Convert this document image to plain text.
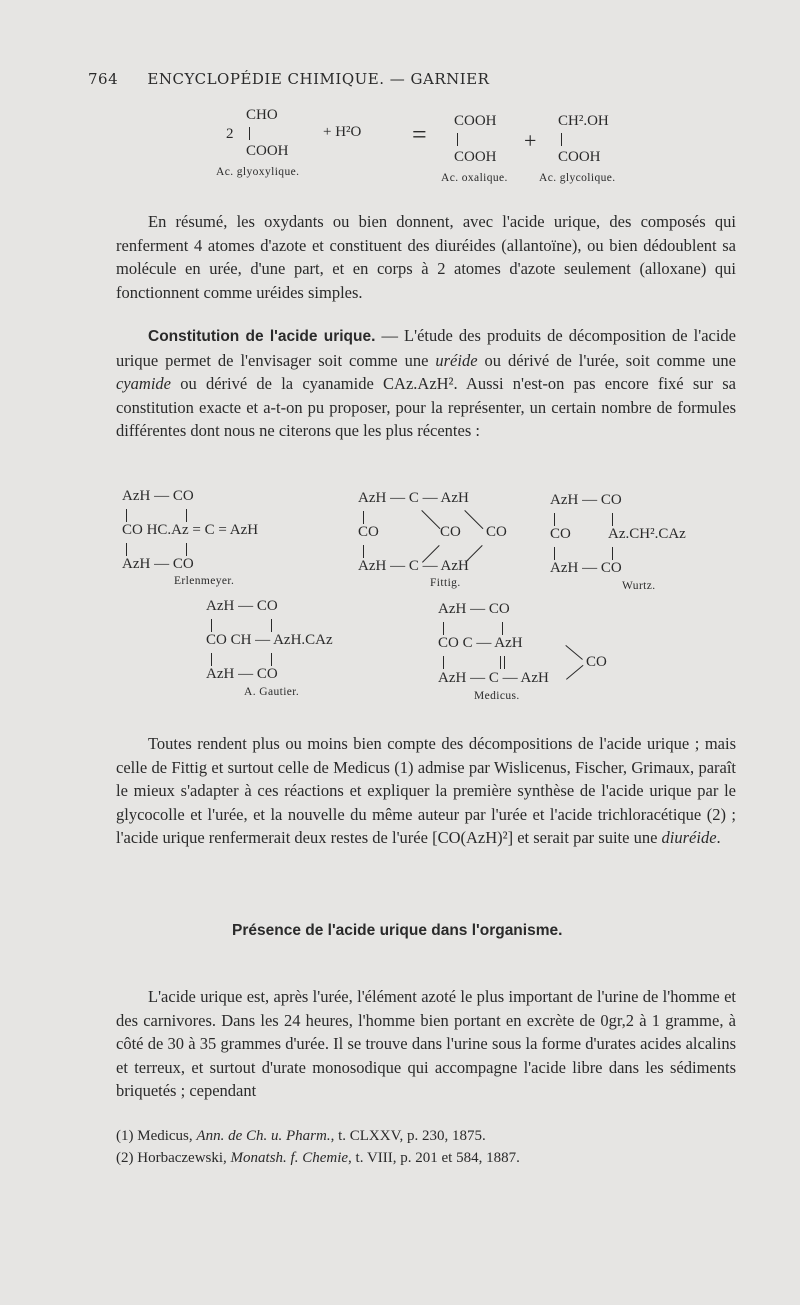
764 ENCYCLOPÉDIE CHIMIQUE. — GARNIER
2
CHO
COOH
+ H²O = COOH
COOH
+
CH².OH
COOH
Ac. glyoxylique.	Ac. oxalique.	Ac. glycolique.

En résumé, les oxydants ou bien donnent, avec l'acide urique, des composés qui renferment 4 atomes d'azote et constituent des diuréides (allantoïne), ou bien dédoublent sa molécule en urée, d'une part, et en corps à 2 atomes d'azote seulement (alloxane) qui fonctionnent comme uréides simples.

Constitution de l'acide urique. — L'étude des produits de décomposition de l'acide urique permet de l'envisager soit comme une uréide ou dérivé de l'urée, soit comme une cyamide ou dérivé de la cyanamide CAz.AzH². Aussi n'est-on pas encore fixé sur sa constitution exacte et a-t-on pu proposer, pour la représenter, un certain nombre de formules différentes dont nous ne citerons que les plus récentes :

AzH — CO
CO HC.Az = C = AzH
AzH — CO
Erlenmeyer.
AzH — C — AzH
CO	CO CO
AzH — C — AzH
Fittig.
AzH — CO
CO Az.CH².CAz
AzH — CO
Wurtz.
AzH — CO
CO CH — AzH.CAz
AzH — CO
A. Gautier.
AzH — CO
CO C — AzH
AzH — C — AzH
CO
Medicus.

Toutes rendent plus ou moins bien compte des décompositions de l'acide urique ; mais celle de Fittig et surtout celle de Medicus (1) admise par Wislicenus, Fischer, Grimaux, paraît le mieux s'adapter à ces réactions et expliquer la première synthèse de l'acide urique par le glycocolle et l'urée, et la nouvelle du même auteur par l'urée et l'acide trichloracétique (2) ; l'acide urique renfermerait deux restes de l'urée [CO(AzH)²] et serait par suite une diuréide.

Présence de l'acide urique dans l'organisme.

L'acide urique est, après l'urée, l'élément azoté le plus important de l'urine de l'homme et des carnivores. Dans les 24 heures, l'homme bien portant en excrète de 0gr,2 à 1 gramme, à côté de 30 à 35 grammes d'urée. Il se trouve dans l'urine sous la forme d'urates acides alcalins et terreux, et surtout d'urate monosodique qui accompagne l'acide libre dans les sédiments briquetés ; cependant

(1) Medicus, Ann. de Ch. u. Pharm., t. CLXXV, p. 230, 1875.
(2) Horbaczewski, Monatsh. f. Chemie, t. VIII, p. 201 et 584, 1887.
